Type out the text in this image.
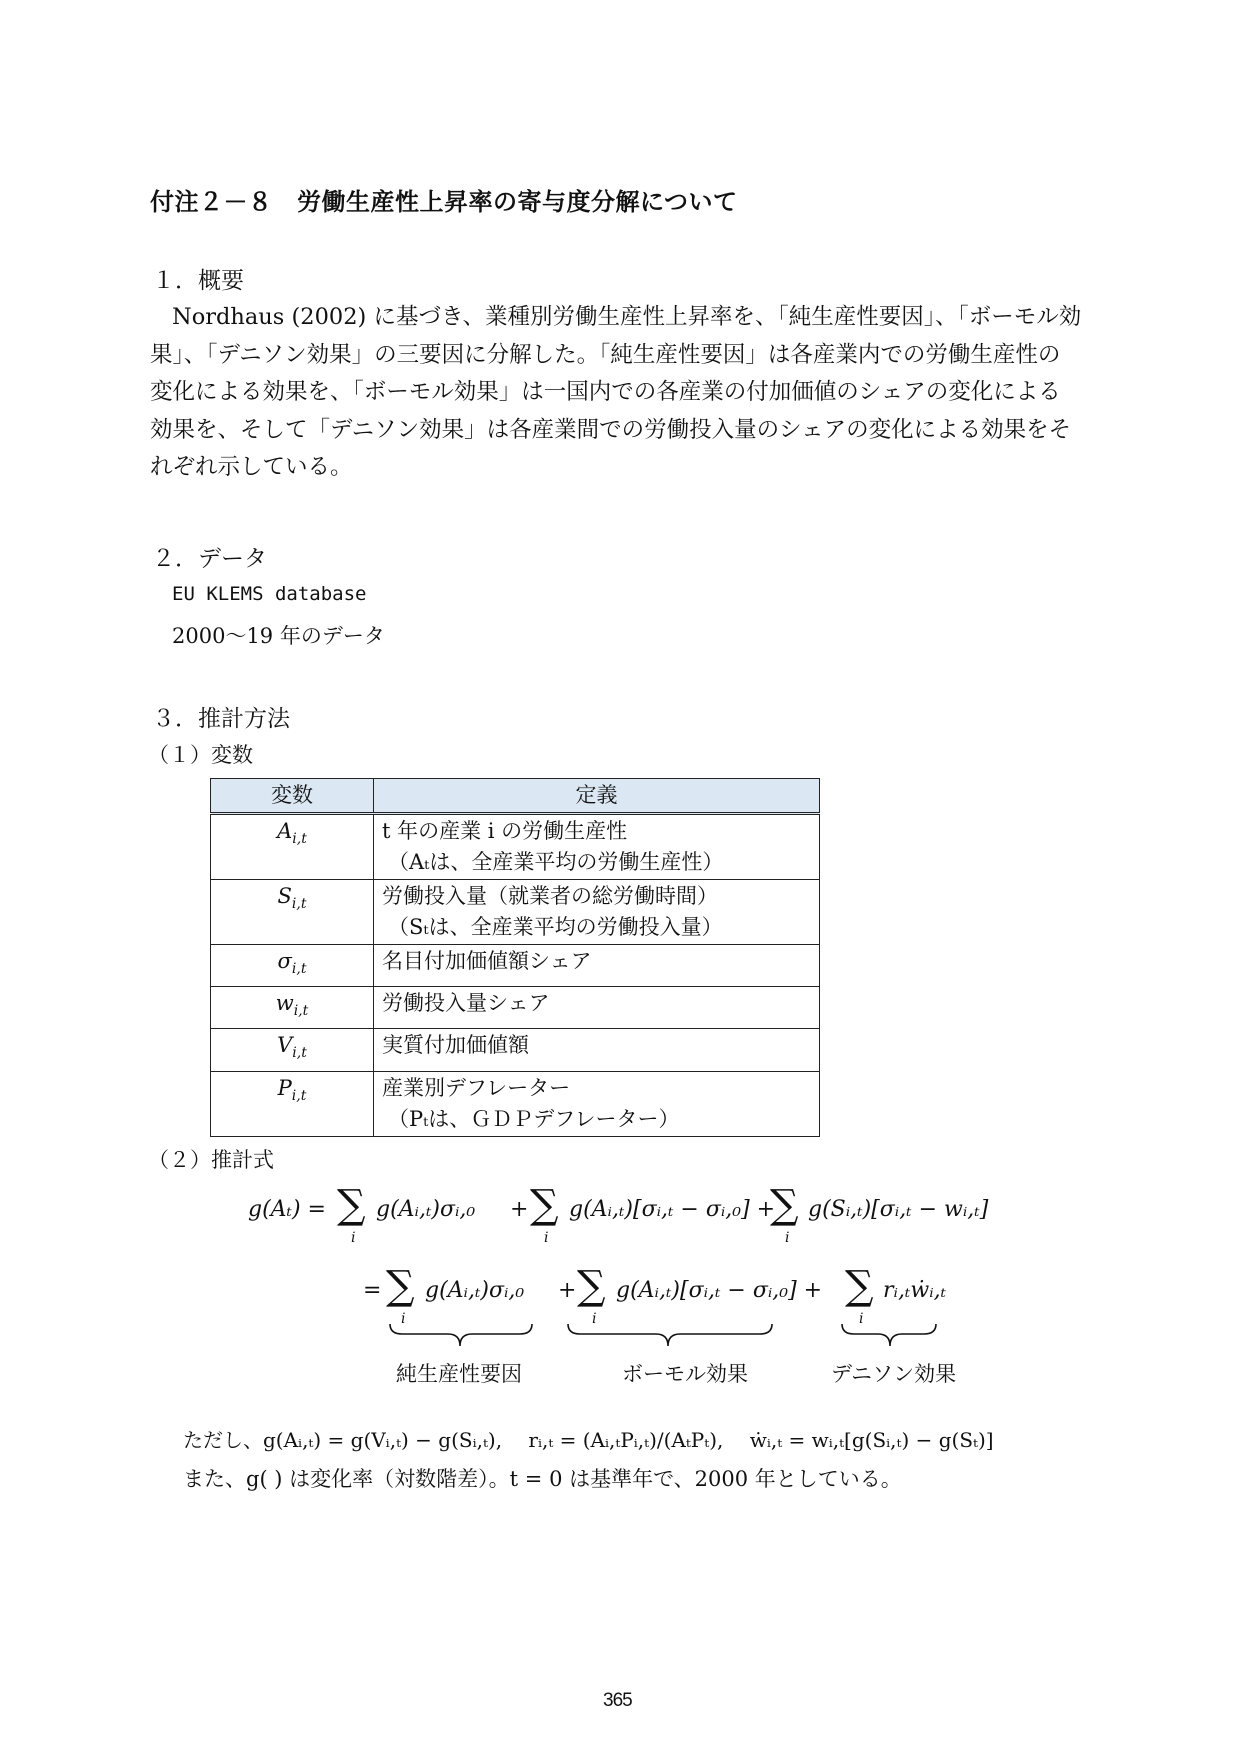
付注２－８　労働生産性上昇率の寄与度分解について
１．概要
Nordhaus (2002) に基づき、業種別労働生産性上昇率を、「純生産性要因」、「ボーモル効
果」、「デニソン効果」の三要因に分解した。「純生産性要因」は各産業内での労働生産性の
変化による効果を、「ボーモル効果」は一国内での各産業の付加価値のシェアの変化による
効果を、そして「デニソン効果」は各産業間での労働投入量のシェアの変化による効果をそ
れぞれ示している。
２．データ
EU KLEMS database
2000～19 年のデータ
３．推計方法
（１）変数
変数	定義
$A_{i,t}$	t 年の産業 i の労働生産性
（Aₜは、全産業平均の労働生産性）

$S_{i,t}$	労働投入量（就業者の総労働時間）
（Sₜは、全産業平均の労働投入量）

$\sigma_{i,t}$	名目付加価値額シェア
$w_{i,t}$	労働投入量シェア
$V_{i,t}$	実質付加価値額
$P_{i,t}$	産業別デフレーター
（Pₜは、ＧＤＰデフレーター）
（２）推計式
g(Aₜ) = ∑
i
g(Aᵢ,ₜ)σᵢ,₀ + ∑
i
g(Aᵢ,ₜ)[σᵢ,ₜ − σᵢ,₀] +
∑
i
g(Sᵢ,ₜ)[σᵢ,ₜ − wᵢ,ₜ]
= ∑
i
g(Aᵢ,ₜ)σᵢ,₀ + ∑
i
g(Aᵢ,ₜ)[σᵢ,ₜ − σᵢ,₀] + ∑
i
rᵢ,ₜẇᵢ,ₜ
純生産性要因	ボーモル効果	デニソン効果
ただし、g(Aᵢ,ₜ) = g(Vᵢ,ₜ) − g(Sᵢ,ₜ),　 rᵢ,ₜ = (Aᵢ,ₜPᵢ,ₜ)/(AₜPₜ),　 ẇᵢ,ₜ = wᵢ,ₜ[g(Sᵢ,ₜ) − g(Sₜ)]
また、g( ) は変化率（対数階差）。t = 0 は基準年で、2000 年としている。
365
